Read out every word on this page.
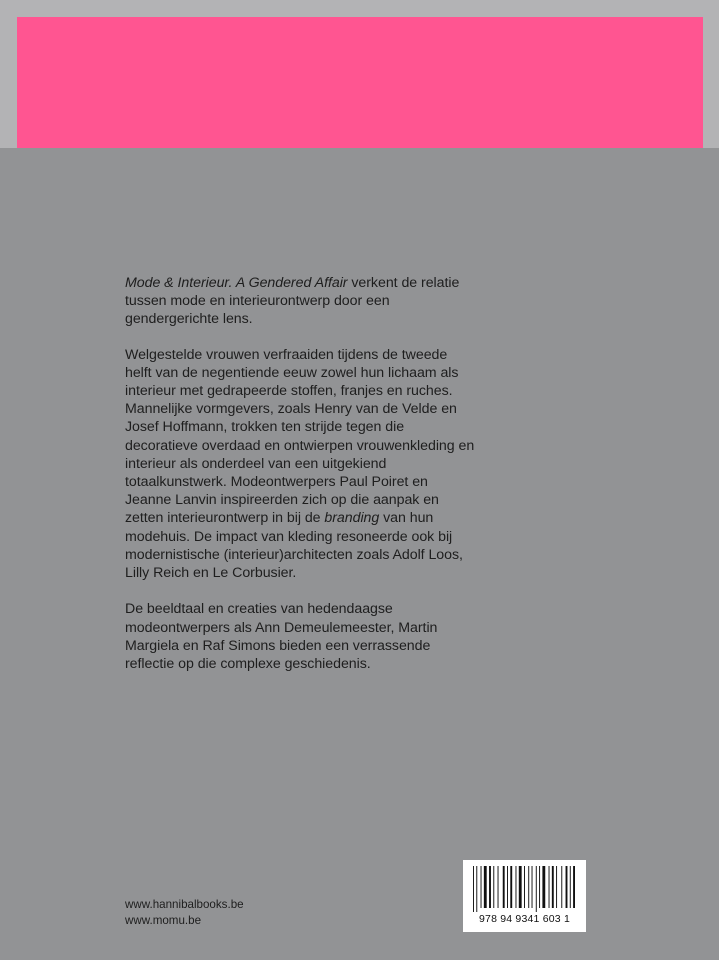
Mode & Interieur. A Gendered Affair verkent de relatie tussen mode en interieurontwerp door een gendergerichte lens.

Welgestelde vrouwen verfraaiden tijdens de tweede helft van de negentiende eeuw zowel hun lichaam als interieur met gedrapeerde stoffen, franjes en ruches. Mannelijke vormgevers, zoals Henry van de Velde en Josef Hoffmann, trokken ten strijde tegen die decoratieve overdaad en ontwierpen vrouwenkleding en interieur als onderdeel van een uitgekiend totaalkunstwerk. Modeontwerpers Paul Poiret en Jeanne Lanvin inspireerden zich op die aanpak en zetten interieurontwerp in bij de branding van hun modehuis. De impact van kleding resoneerde ook bij modernistische (interieur)architecten zoals Adolf Loos, Lilly Reich en Le Corbusier.

De beeldtaal en creaties van hedendaagse modeontwerpers als Ann Demeulemeester, Martin Margiela en Raf Simons bieden een verrassende reflectie op die complexe geschiedenis.

www.hannibalbooks.be
www.momu.be	978 94 9341 603 1
